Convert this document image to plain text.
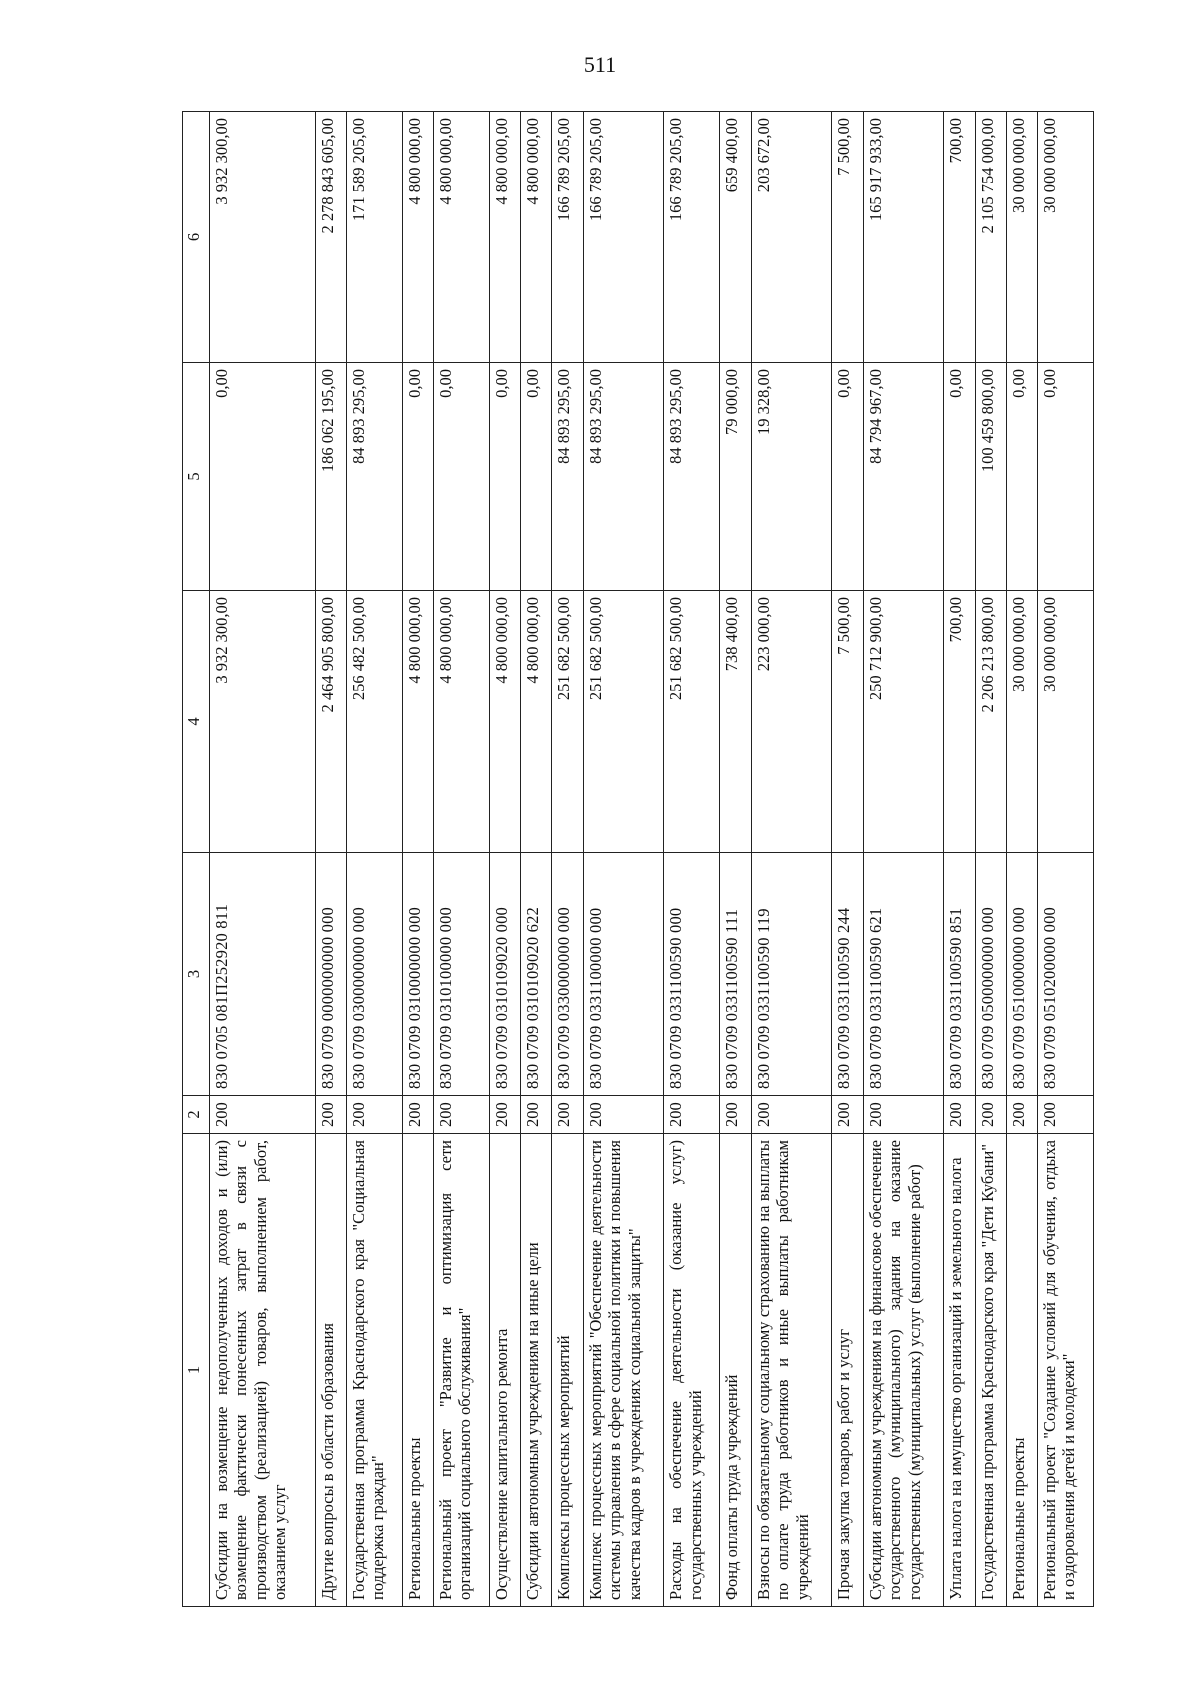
511
1	2	3	4	5	6
Субсидии на возмещение недополученных доходов и (или) возмещение фактически понесенных затрат в связи с производством (реализацией) товаров, выполнением работ, оказанием услуг	200	830 0705 081П252920 811	3 932 300,00	0,00	3 932 300,00
Другие вопросы в области образования	200	830 0709 0000000000 000	2 464 905 800,00	186 062 195,00	2 278 843 605,00
Государственная программа Краснодарского края "Социальная поддержка граждан"	200	830 0709 0300000000 000	256 482 500,00	84 893 295,00	171 589 205,00
Региональные проекты	200	830 0709 0310000000 000	4 800 000,00	0,00	4 800 000,00
Региональный проект "Развитие и оптимизация сети организаций социального обслуживания"	200	830 0709 0310100000 000	4 800 000,00	0,00	4 800 000,00
Осуществление капитального ремонта	200	830 0709 0310109020 000	4 800 000,00	0,00	4 800 000,00
Субсидии автономным учреждениям на иные цели	200	830 0709 0310109020 622	4 800 000,00	0,00	4 800 000,00
Комплексы процессных мероприятий	200	830 0709 0330000000 000	251 682 500,00	84 893 295,00	166 789 205,00
Комплекс процессных мероприятий "Обеспечение деятельности системы управления в сфере социальной политики и повышения качества кадров в учреждениях социальной защиты"	200	830 0709 0331100000 000	251 682 500,00	84 893 295,00	166 789 205,00
Расходы на обеспечение деятельности (оказание услуг) государственных учреждений	200	830 0709 0331100590 000	251 682 500,00	84 893 295,00	166 789 205,00
Фонд оплаты труда учреждений	200	830 0709 0331100590 111	738 400,00	79 000,00	659 400,00
Взносы по обязательному социальному страхованию на выплаты по оплате труда работников и иные выплаты работникам учреждений	200	830 0709 0331100590 119	223 000,00	19 328,00	203 672,00
Прочая закупка товаров, работ и услуг	200	830 0709 0331100590 244	7 500,00	0,00	7 500,00
Субсидии автономным учреждениям на финансовое обеспечение государственного (муниципального) задания на оказание государственных (муниципальных) услуг (выполнение работ)	200	830 0709 0331100590 621	250 712 900,00	84 794 967,00	165 917 933,00
Уплата налога на имущество организаций и земельного налога	200	830 0709 0331100590 851	700,00	0,00	700,00
Государственная программа Краснодарского края "Дети Кубани"	200	830 0709 0500000000 000	2 206 213 800,00	100 459 800,00	2 105 754 000,00
Региональные проекты	200	830 0709 0510000000 000	30 000 000,00	0,00	30 000 000,00
Региональный проект "Создание условий для обучения, отдыха и оздоровления детей и молодежи"	200	830 0709 0510200000 000	30 000 000,00	0,00	30 000 000,00
